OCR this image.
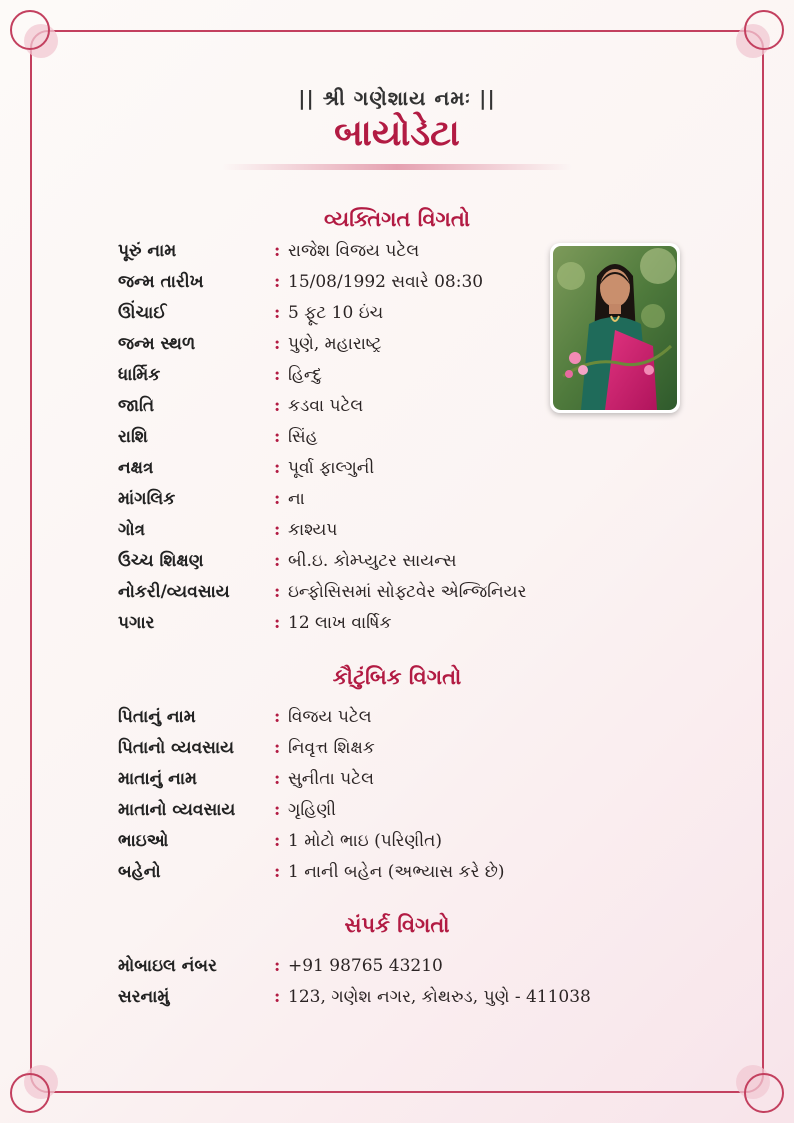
|| શ્રી ગણેશાય નમઃ ||
બાયોડેટા
વ્યક્તિગત વિગતો
પૂરું નામ	: રાજેશ વિજય પટેલ
જન્મ તારીખ	: 15/08/1992 સવારે 08:30
ઊંચાઈ	: 5 ફૂટ 10 ઇંચ
જન્મ સ્થળ	: પુણે, મહારાષ્ટ્ર
ધાર્મિક	: હિન્દુ
જાતિ	: કડવા પટેલ
રાશિ	: સિંહ
નક્ષત્ર	: પૂર્વા ફાલ્ગુની
માંગલિક	: ના
ગોત્ર	: કાશ્યપ
ઉચ્ચ શિક્ષણ	: બી.ઇ. કોમ્પ્યુટર સાયન્સ
નોકરી/વ્યવસાય	: ઇન્ફોસિસમાં સોફ્ટવેર એન્જિનિયર
પગાર	: 12 લાખ વાર્ષિક
કૌટુંબિક વિગતો
પિતાનું નામ	: વિજય પટેલ
પિતાનો વ્યવસાય : નિવૃત્ત શિક્ષક
માતાનું નામ	: સુનીતા પટેલ
માતાનો વ્યવસાય : ગૃહિણી
ભાઇઓ	: 1 મોટો ભાઇ (પરિણીત)
બહેનો	: 1 નાની બહેન (અભ્યાસ કરે છે)
સંપર્ક વિગતો
મોબાઇલ નંબર	: +91 98765 43210
સરનામું	: 123, ગણેશ નગર, કોથરુડ, પુણે - 411038
